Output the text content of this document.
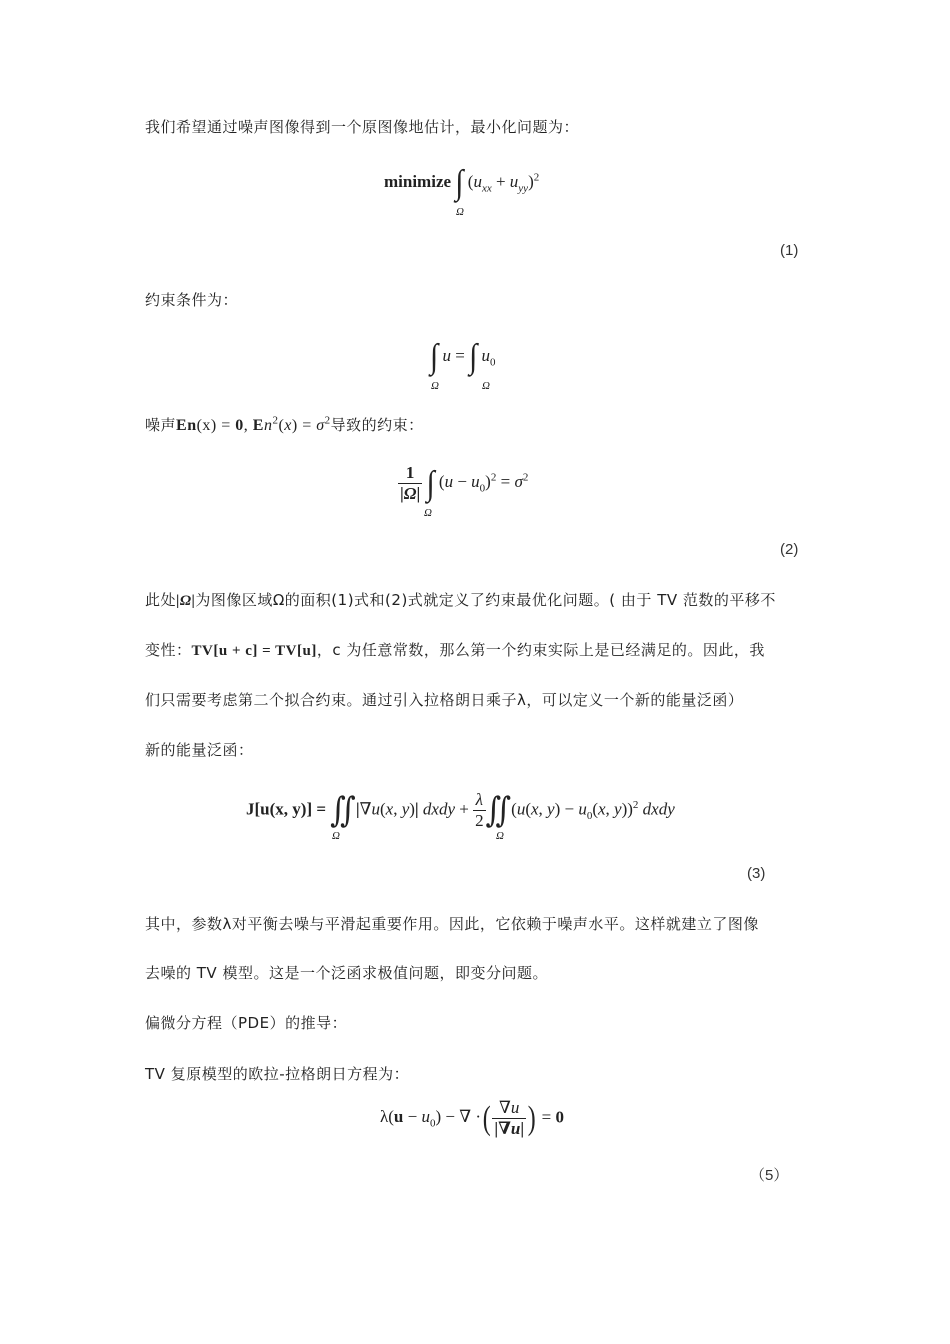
我们希望通过噪声图像得到一个原图像地估计，最小化问题为：
minimize ∫ $(u_{xx} + u_{yy})^2$
Ω
(1)
约束条件为：
∫ u = ∫ $u_0$
Ω	Ω
噪声En(x) = 0, $En^2(x) = \sigma^2$导致的约束：
$\frac{1}{|\Omega|}$ ∫ $(u - u_0)^2 = \sigma^2$
Ω
(2)
此处|Ω|为图像区域Ω的面积(1)式和(2)式就定义了约束最优化问题。( 由于 TV 范数的平移不
变性：TV[u + c] = TV[u]，c 为任意常数，那么第一个约束实际上是已经满足的。因此，我
们只需要考虑第二个拟合约束。通过引入拉格朗日乘子λ，可以定义一个新的能量泛函）
新的能量泛函：
J[u(x, y)] = ∬|∇u(x, y)| dxdy + $\frac{\lambda}{2}$ ∬(u(x, $y) - u_0(x$, y))$^2$ dxdy
Ω	Ω
(3)
其中，参数λ对平衡去噪与平滑起重要作用。因此，它依赖于噪声水平。这样就建立了图像
去噪的 TV 模型。这是一个泛函求极值问题，即变分问题。
偏微分方程（PDE）的推导：
TV 复原模型的欧拉-拉格朗日方程为：
$\lambda(u - u_0)$ − ∇ ·( $\frac{\nabla u}{|\nabla u|}$ ) = 0
（5）
